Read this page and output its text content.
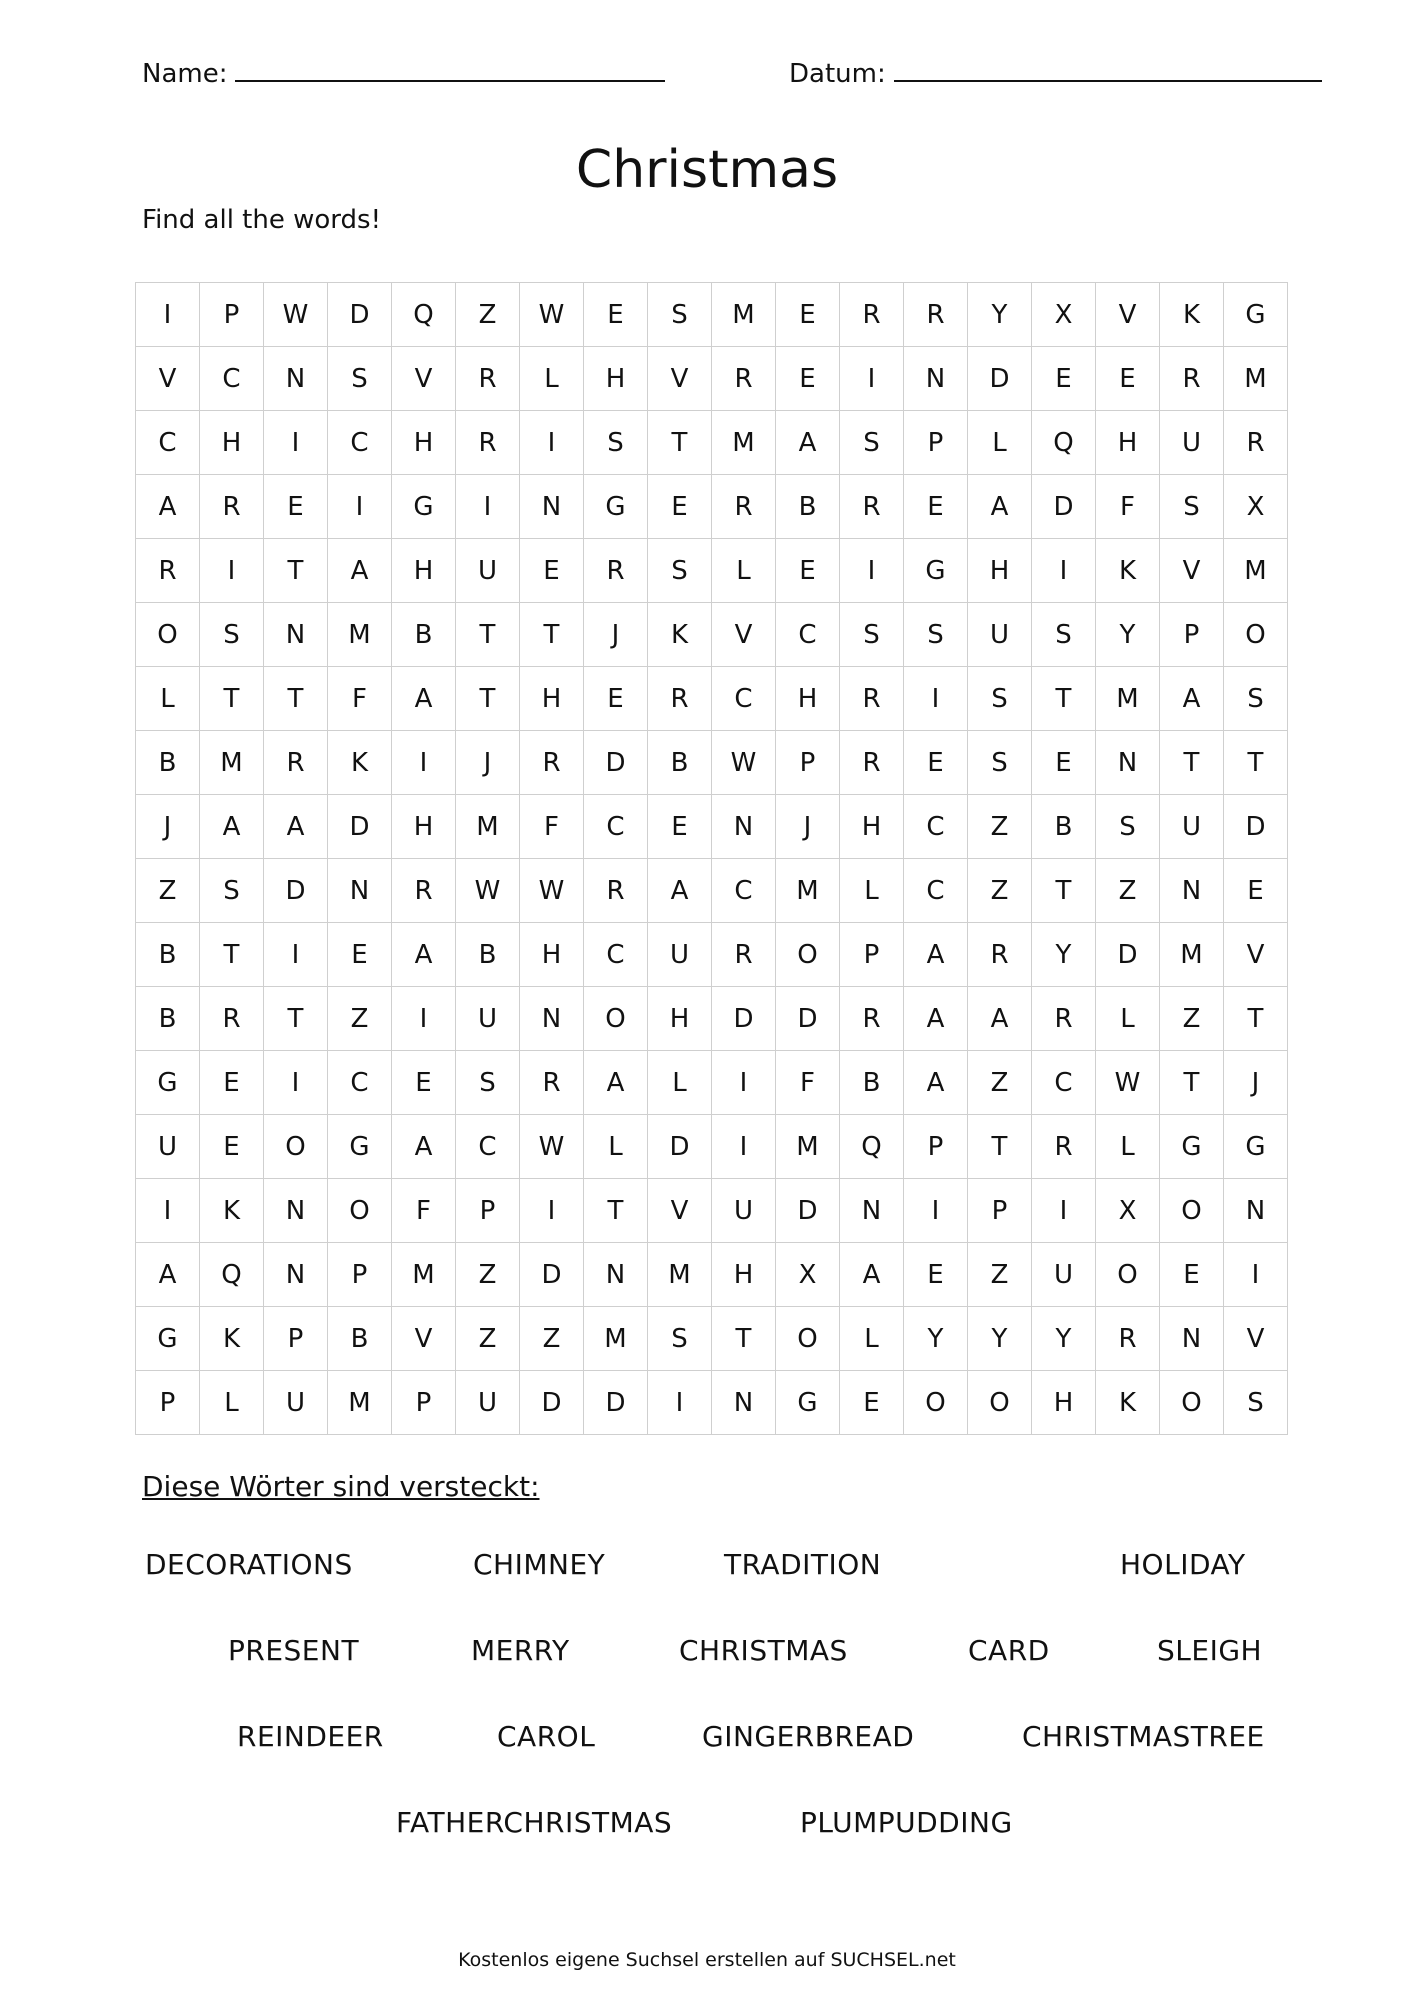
Name:	Datum:
Christmas
Find all the words!
I	P	W	D	Q	Z	W	E	S	M	E	R	R	Y	X	V	K	G
V	C	N	S	V	R	L	H	V	R	E	I	N	D	E	E	R	M
C	H	I	C	H	R	I	S	T	M	A	S	P	L	Q	H	U	R
A	R	E	I	G	I	N	G	E	R	B	R	E	A	D	F	S	X
R	I	T	A	H	U	E	R	S	L	E	I	G	H	I	K	V	M
O	S	N	M	B	T	T	J	K	V	C	S	S	U	S	Y	P	O
L	T	T	F	A	T	H	E	R	C	H	R	I	S	T	M	A	S
B	M	R	K	I	J	R	D	B	W	P	R	E	S	E	N	T	T
J	A	A	D	H	M	F	C	E	N	J	H	C	Z	B	S	U	D
Z	S	D	N	R	W	W	R	A	C	M	L	C	Z	T	Z	N	E
B	T	I	E	A	B	H	C	U	R	O	P	A	R	Y	D	M	V
B	R	T	Z	I	U	N	O	H	D	D	R	A	A	R	L	Z	T
G	E	I	C	E	S	R	A	L	I	F	B	A	Z	C	W	T	J
U	E	O	G	A	C	W	L	D	I	M	Q	P	T	R	L	G	G
I	K	N	O	F	P	I	T	V	U	D	N	I	P	I	X	O	N
A	Q	N	P	M	Z	D	N	M	H	X	A	E	Z	U	O	E	I
G	K	P	B	V	Z	Z	M	S	T	O	L	Y	Y	Y	R	N	V
P	L	U	M	P	U	D	D	I	N	G	E	O	O	H	K	O	S
Diese Wörter sind versteckt:
DECORATIONS	CHIMNEY	TRADITION	HOLIDAY
PRESENT	MERRY	CHRISTMAS	CARD	SLEIGH
REINDEER	CAROL	GINGERBREAD	CHRISTMASTREE
FATHERCHRISTMAS	PLUMPUDDING
Kostenlos eigene Suchsel erstellen auf SUCHSEL.net
